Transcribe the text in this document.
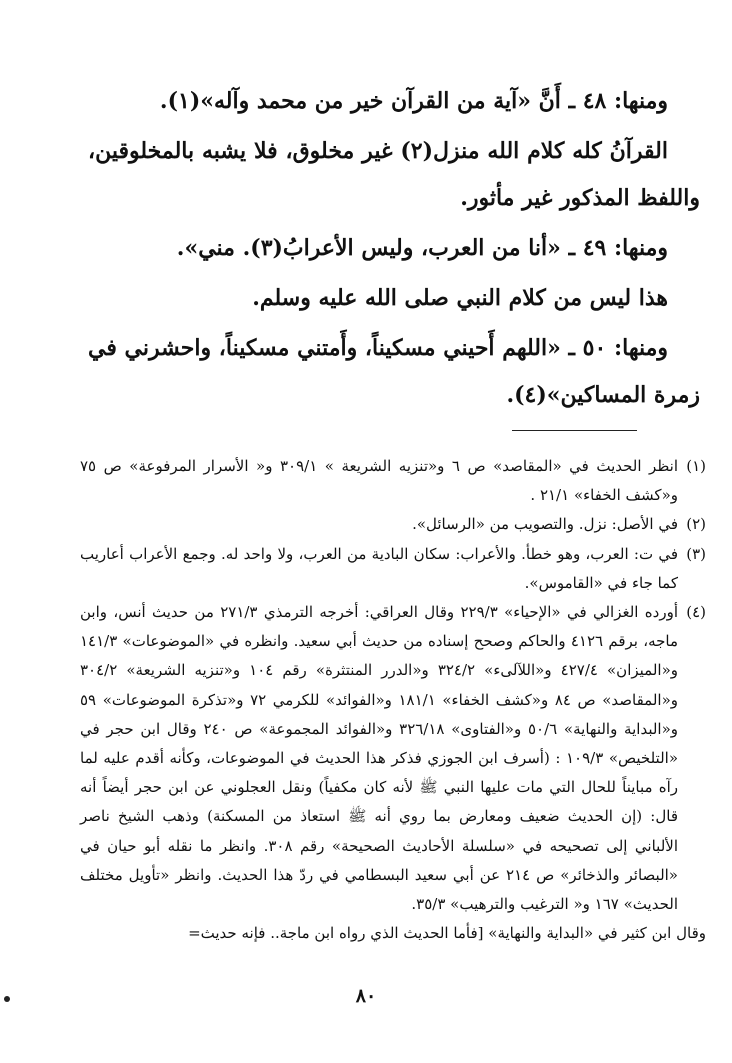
ومنها: ٤٨ ـ أَنَّ «آية من القرآن خير من محمد وآله»(١).

القرآنُ كله كلام الله منزل(٢) غير مخلوق، فلا يشبه بالمخلوقين، واللفظ المذكور غير مأثور.

ومنها: ٤٩ ـ «أنا من العرب، وليس الأعرابُ(٣). مني».

هذا ليس من كلام النبي صلى الله عليه وسلم.

ومنها: ٥٠ ـ «اللهم أَحيني مسكيناً، وأَمتني مسكيناً، واحشرني في زمرة المساكين»(٤).

(١)
انظر الحديث في «المقاصد» ص ٦ و«تنزيه الشريعة » ٣٠٩/١ و« الأسرار المرفوعة» ص ٧٥ و«كشف الخفاء» ٢١/١ .
(٢)
في الأصل: نزل. والتصويب من «الرسائل».
(٣)
في ت: العرب، وهو خطأ. والأعراب: سكان البادية من العرب، ولا واحد له. وجمع الأعراب أعاريب كما جاء في «القاموس».
(٤)
أورده الغزالي في «الإحياء» ٢٢٩/٣ وقال العراقي: أخرجه الترمذي ٢٧١/٣ من حديث أنس، وابن ماجه، برقم ٤١٢٦ والحاكم وصحح إسناده من حديث أبي سعيد. وانظره في «الموضوعات» ١٤١/٣ و«الميزان» ٤٢٧/٤ و«اللآلىء» ٣٢٤/٢ و«الدرر المنتثرة» رقم ١٠٤ و«تنزيه الشريعة» ٣٠٤/٢ و«المقاصد» ص ٨٤ و«كشف الخفاء» ١٨١/١ و«الفوائد» للكرمي ٧٢ و«تذكرة الموضوعات» ٥٩ و«البداية والنهاية» ٥٠/٦ و«الفتاوى» ٣٢٦/١٨ و«الفوائد المجموعة» ص ٢٤٠ وقال ابن حجر في «التلخيص» ١٠٩/٣ : (أسرف ابن الجوزي فذكر هذا الحديث في الموضوعات، وكأنه أقدم عليه لما رآه مبايناً للحال التي مات عليها النبي ﷺ لأنه كان مكفياً) ونقل العجلوني عن ابن حجر أيضاً أنه قال: (إن الحديث ضعيف ومعارض بما روي أنه ﷺ استعاذ من المسكنة) وذهب الشيخ ناصر الألباني إلى تصحيحه في «سلسلة الأحاديث الصحيحة» رقم ٣٠٨. وانظر ما نقله أبو حيان في «البصائر والذخائر» ص ٢١٤ عن أبي سعيد البسطامي في ردّ هذا الحديث. وانظر «تأويل مختلف الحديث» ١٦٧ و« الترغيب والترهيب» ٣٥/٣.
وقال ابن كثير في «البداية والنهاية» [فأما الحديث الذي رواه ابن ماجة.. فإنه حديث=
٨٠
